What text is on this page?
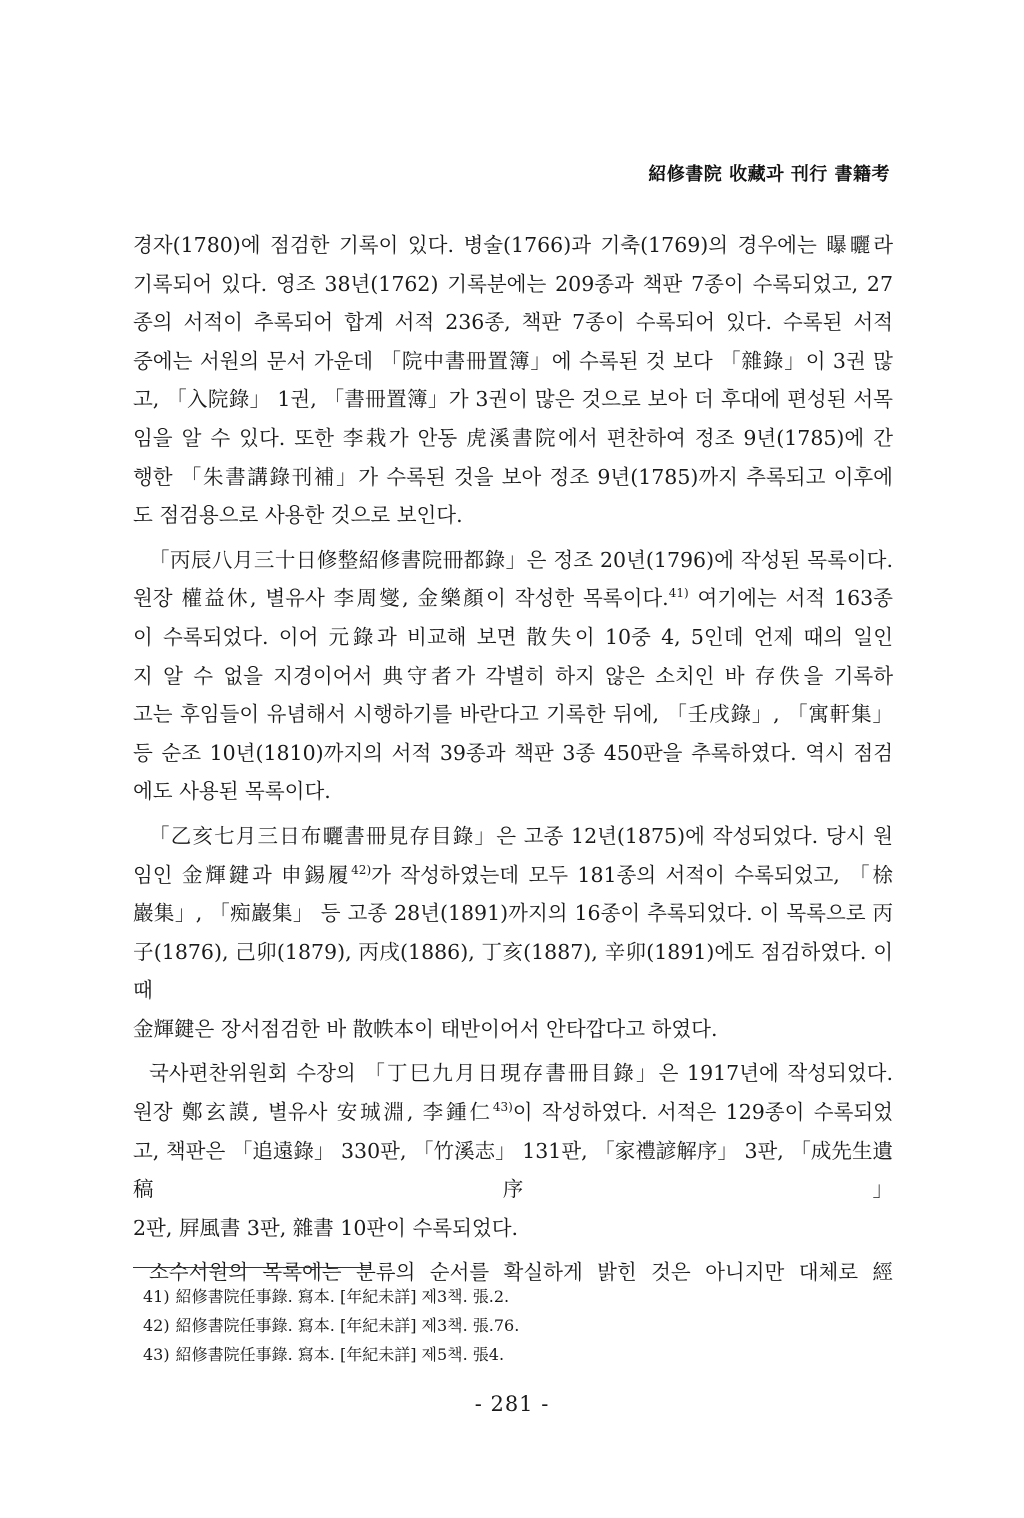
紹修書院 收藏과 刊行 書籍考

경자(1780)에 점검한 기록이 있다. 병술(1766)과 기축(1769)의 경우에는 曝曬라

기록되어 있다. 영조 38년(1762) 기록분에는 209종과 책판 7종이 수록되었고, 27

종의 서적이 추록되어 합계 서적 236종, 책판 7종이 수록되어 있다. 수록된 서적

중에는 서원의 문서 가운데 「院中書冊置簿」에 수록된 것 보다 「雜錄」이 3권 많

고, 「入院錄」 1권, 「書冊置簿」가 3권이 많은 것으로 보아 더 후대에 편성된 서목

임을 알 수 있다. 또한 李栽가 안동 虎溪書院에서 편찬하여 정조 9년(1785)에 간

행한 「朱書講錄刊補」가 수록된 것을 보아 정조 9년(1785)까지 추록되고 이후에

도 점검용으로 사용한 것으로 보인다.

「丙辰八月三十日修整紹修書院冊都錄」은 정조 20년(1796)에 작성된 목록이다.

원장 權益休, 별유사 李周燮, 金樂顏이 작성한 목록이다.$^{41)}$ 여기에는 서적 163종

이 수록되었다. 이어 元錄과 비교해 보면 散失이 10중 4, 5인데 언제 때의 일인

지 알 수 없을 지경이어서 典守者가 각별히 하지 않은 소치인 바 存佚을 기록하

고는 후임들이 유념해서 시행하기를 바란다고 기록한 뒤에, 「壬戌錄」, 「寓軒集」

등 순조 10년(1810)까지의 서적 39종과 책판 3종 450판을 추록하였다. 역시 점검

에도 사용된 목록이다.

「乙亥七月三日布曬書冊見存目錄」은 고종 12년(1875)에 작성되었다. 당시 원

임인 金輝鍵과 申錫履$^{42)}$가 작성하였는데 모두 181종의 서적이 수록되었고, 「梌

巖集」, 「痴巖集」 등 고종 28년(1891)까지의 16종이 추록되었다. 이 목록으로 丙

子(1876), 己卯(1879), 丙戌(1886), 丁亥(1887), 辛卯(1891)에도 점검하였다. 이때

金輝鍵은 장서점검한 바 散帙本이 태반이어서 안타깝다고 하였다.

국사편찬위원회 수장의 「丁巳九月日現存書冊目錄」은 1917년에 작성되었다.

원장 鄭玄謨, 별유사 安珹淵, 李鍾仁$^{43)}$이 작성하였다. 서적은 129종이 수록되었

고, 책판은 「追遠錄」 330판, 「竹溪志」 131판, 「家禮諺解序」 3판, 「成先生遺稿序」

2판, 屛風書 3판, 雜書 10판이 수록되었다.

소수서원의 목록에는 분류의 순서를 확실하게 밝힌 것은 아니지만 대체로 經

41) 紹修書院任事錄. 寫本. [年紀未詳] 제3책. 張.2.
42) 紹修書院任事錄. 寫本. [年紀未詳] 제3책. 張.76.
43) 紹修書院任事錄. 寫本. [年紀未詳] 제5책. 張4.
- 281 -
